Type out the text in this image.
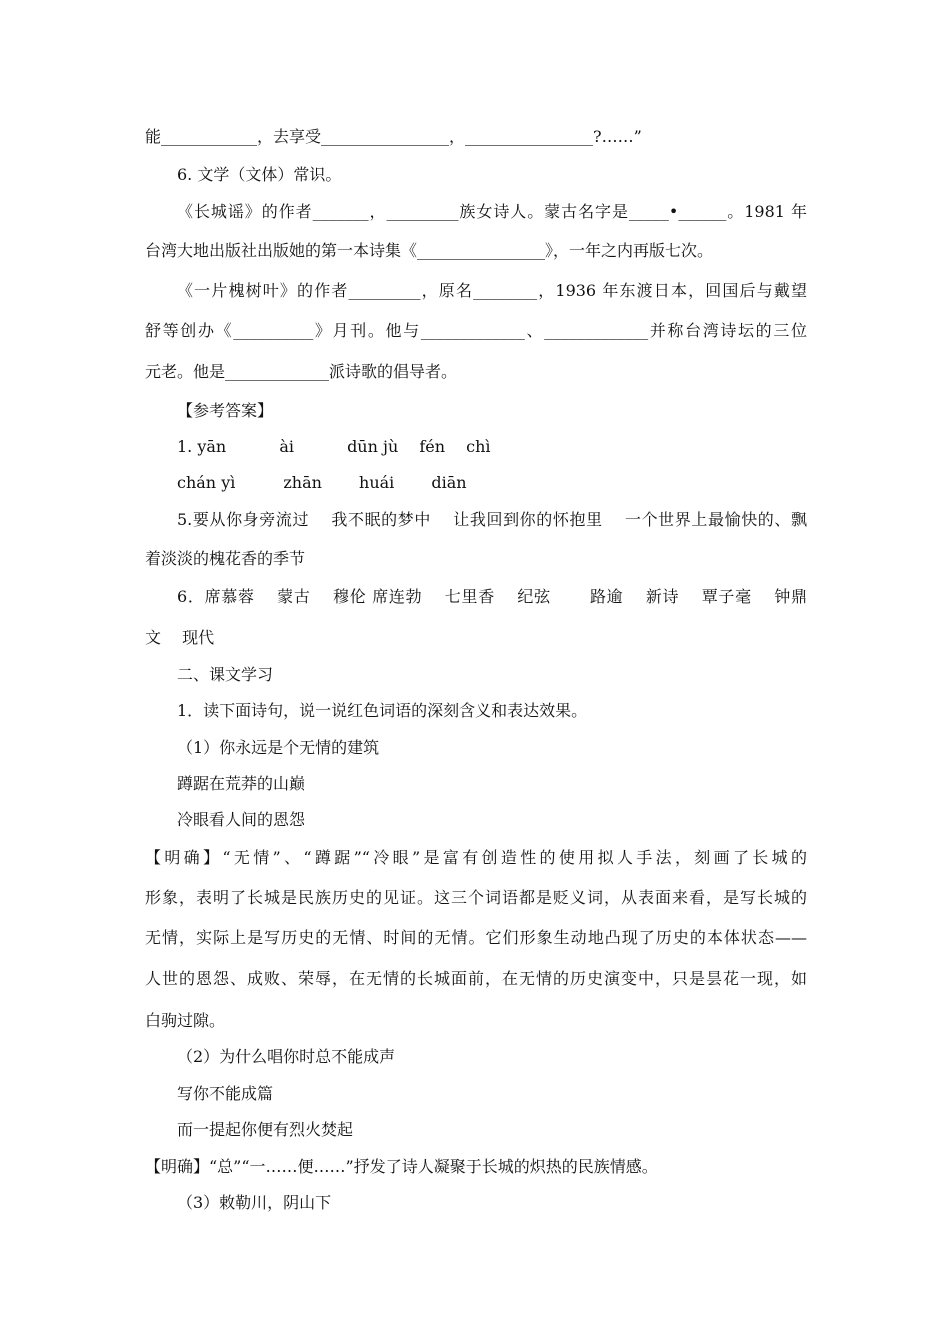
能____________，去享受________________，________________?……”
6. 文学（文体）常识。
《长城谣》的作者_______，_________族女诗人。蒙古名字是_____•______。1981 年
台湾大地出版社出版她的第一本诗集《________________》，一年之内再版七次。
《一片槐树叶》的作者_________，原名________，1936 年东渡日本，回国后与戴望
舒等创办《__________》月刊。他与_____________、_____________并称台湾诗坛的三位
元老。他是_____________派诗歌的倡导者。
【参考答案】
1. yān　　　 ài　　　 dūn jù　 fén　 chì
chán yì　　　zhān　　 huái　　 diān
5.要从你身旁流过　 我不眠的梦中　 让我回到你的怀抱里　 一个世界上最愉快的、飘
着淡淡的槐花香的季节
6．席慕蓉　 蒙古　 穆伦 席连勃　 七里香　 纪弦　　 路逾　 新诗　 覃子毫　 钟鼎
文　 现代
二、课文学习
1．读下面诗句，说一说红色词语的深刻含义和表达效果。
（1）你永远是个无情的建筑
蹲踞在荒莽的山巅
冷眼看人间的恩怨
【明确】“无情”、“蹲踞”“冷眼”是富有创造性的使用拟人手法，刻画了长城的
形象，表明了长城是民族历史的见证。这三个词语都是贬义词，从表面来看，是写长城的
无情，实际上是写历史的无情、时间的无情。它们形象生动地凸现了历史的本体状态——
人世的恩怨、成败、荣辱，在无情的长城面前，在无情的历史演变中，只是昙花一现，如
白驹过隙。
（2）为什么唱你时总不能成声
写你不能成篇
而一提起你便有烈火焚起
【明确】“总”“一……便……”抒发了诗人凝聚于长城的炽热的民族情感。
（3）敕勒川，阴山下
